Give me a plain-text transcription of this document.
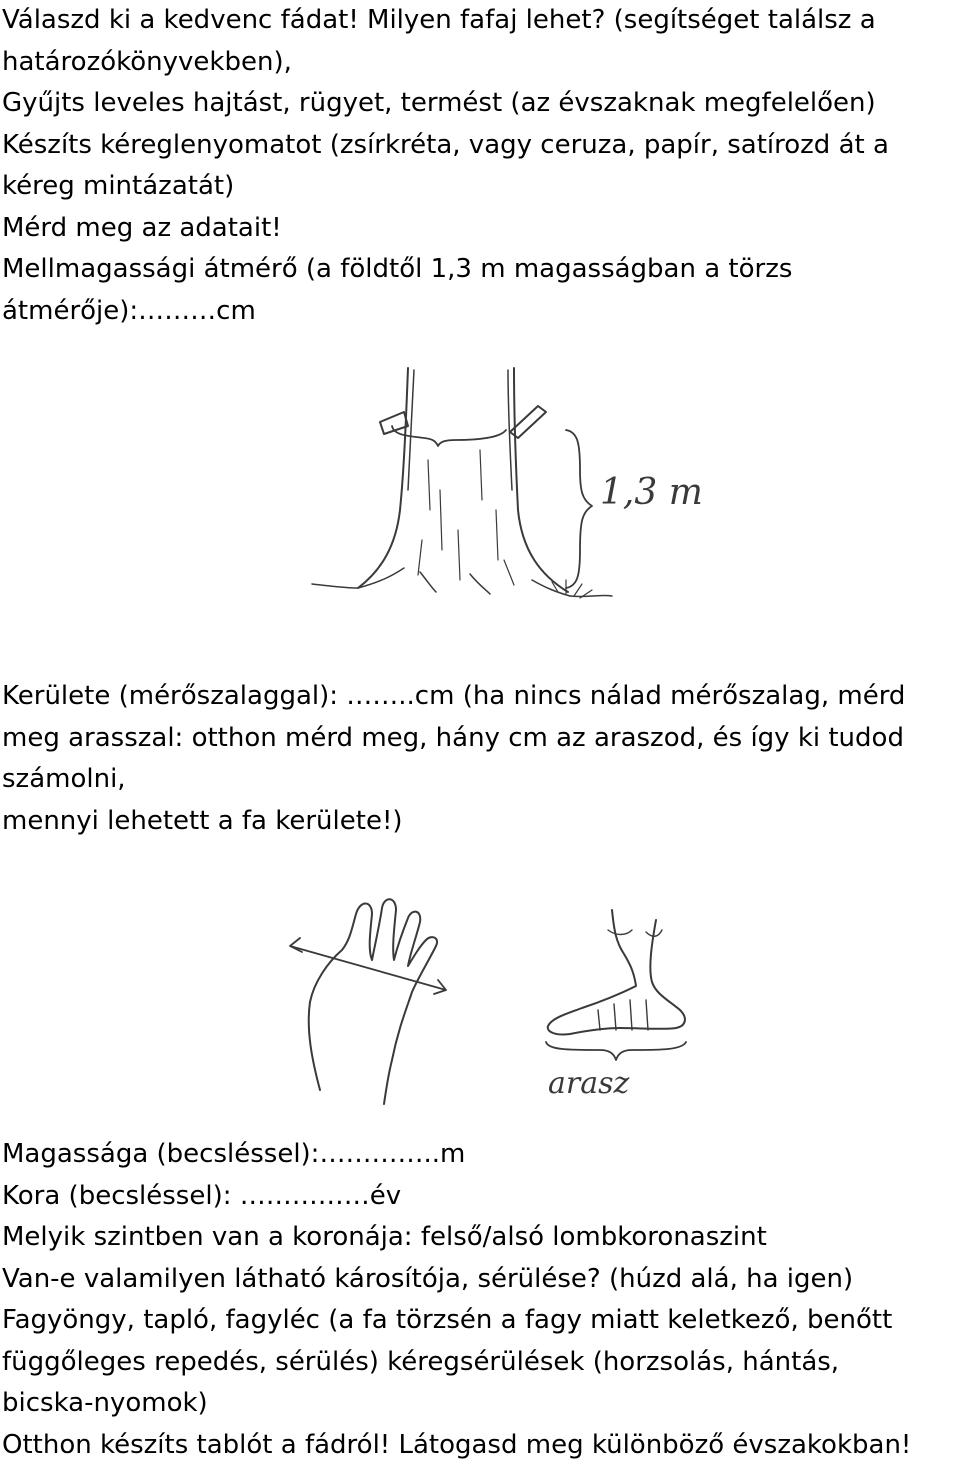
Válaszd ki a kedvenc fádat! Milyen fafaj lehet? (segítséget találsz a
határozókönyvekben),
Gyűjts leveles hajtást, rügyet, termést (az évszaknak megfelelően)
Készíts kéreglenyomatot (zsírkréta, vagy ceruza, papír, satírozd át a
kéreg mintázatát)
Mérd meg az adatait!
Mellmagassági átmérő (a földtől 1,3 m magasságban a törzs
átmérője):………cm
1,3 m
Kerülete (mérőszalaggal): ……..cm (ha nincs nálad mérőszalag, mérd meg arasszal: otthon mérd meg, hány cm az araszod, és így ki tudod számolni,
mennyi lehetett a fa kerülete!)
arasz
Magassága (becsléssel):…………..m
Kora (becsléssel): ……………év
Melyik szintben van a koronája: felső/alsó lombkoronaszint
Van-e valamilyen látható károsítója, sérülése? (húzd alá, ha igen)
Fagyöngy, tapló, fagyléc (a fa törzsén a fagy miatt keletkező, benőtt
függőleges repedés, sérülés) kéregsérülések (horzsolás, hántás,
bicska-nyomok)
Otthon készíts tablót a fádról! Látogasd meg különböző évszakokban!
